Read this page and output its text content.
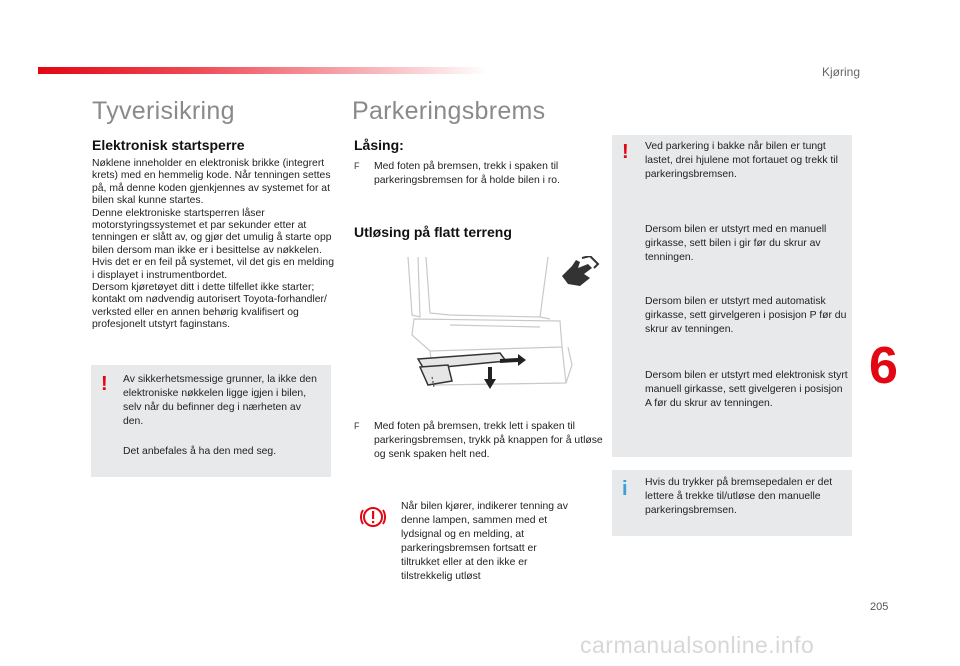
Kjøring
Tyverisikring
Elektronisk startsperre
Nøklene inneholder en elektronisk brikke (integrert krets) med en hemmelig kode. Når tenningen settes på, må denne koden gjenkjennes av systemet for at bilen skal kunne startes.
Denne elektroniske startsperren låser motorstyringssystemet et par sekunder etter at tenningen er slått av, og gjør det umulig å starte opp bilen dersom man ikke er i besittelse av nøkkelen.
Hvis det er en feil på systemet, vil det gis en melding i displayet i instrumentbordet.
Dersom kjøretøyet ditt i dette tilfellet ikke starter; kontakt om nødvendig autorisert Toyota-forhandler/ verksted eller en annen behørig kvalifisert og profesjonelt utstyrt faginstans.
! Av sikkerhetsmessige grunner, la ikke den elektroniske nøkkelen ligge igjen i bilen, selv når du befinner deg i nærheten av den.

Det anbefales å ha den med seg.

Parkeringsbrems
Låsing:
F Med foten på bremsen, trekk i spaken til parkeringsbremsen for å holde bilen i ro.
Utløsing på flatt terreng
F Med foten på bremsen, trekk lett i spaken til parkeringsbremsen, trykk på knappen for å utløse og senk spaken helt ned.
Når bilen kjører, indikerer tenning av denne lampen, sammen med et lydsignal og en melding, at parkeringsbremsen fortsatt er tiltrukket eller at den ikke er tilstrekkelig utløst
! Ved parkering i bakke når bilen er tungt lastet, drei hjulene mot fortauet og trekk til parkeringsbremsen.
Dersom bilen er utstyrt med en manuell girkasse, sett bilen i gir før du skrur av tenningen.
Dersom bilen er utstyrt med automatisk girkasse, sett girvelgeren i posisjon P før du skrur av tenningen.
Dersom bilen er utstyrt med elektronisk styrt manuell girkasse, sett givelgeren i posisjon A før du skrur av tenningen.
i Hvis du trykker på bremsepedalen er det lettere å trekke til/utløse den manuelle parkeringsbremsen.
6
205
carmanualsonline.info
